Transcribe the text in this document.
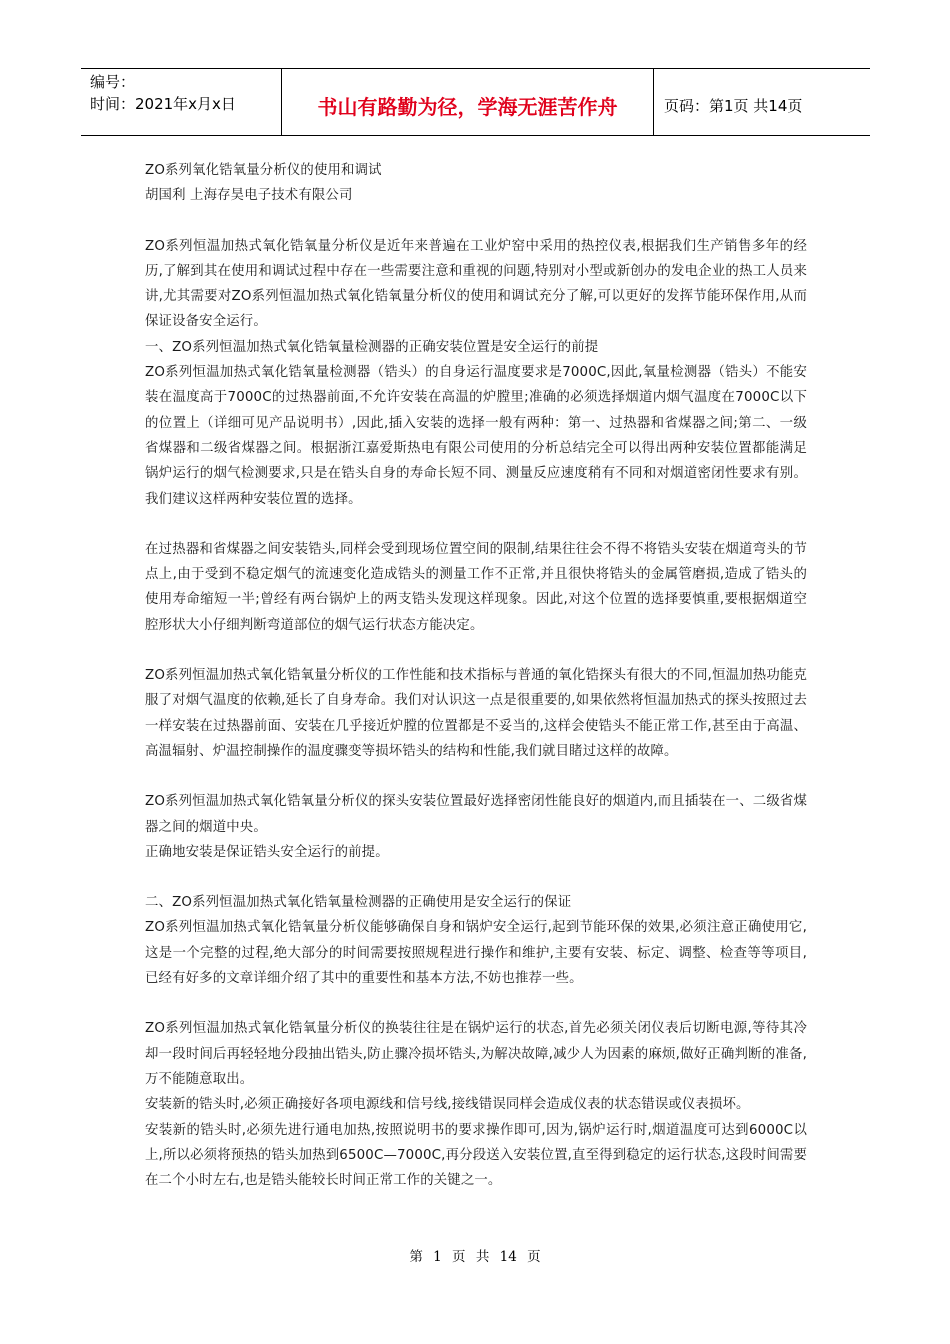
编号：
时间：2021年x月x日	书山有路勤为径，学海无涯苦作舟	页码：第1页 共14页

ZO系列氧化锆氧量分析仪的使用和调试

胡国利 上海存昊电子技术有限公司

ZO系列恒温加热式氧化锆氧量分析仪是近年来普遍在工业炉窑中采用的热控仪表,根据我们生产销售多年的经历,了解到其在使用和调试过程中存在一些需要注意和重视的问题,特别对小型或新创办的发电企业的热工人员来讲,尤其需要对ZO系列恒温加热式氧化锆氧量分析仪的使用和调试充分了解,可以更好的发挥节能环保作用,从而保证设备安全运行。

一、ZO系列恒温加热式氧化锆氧量检测器的正确安装位置是安全运行的前提

ZO系列恒温加热式氧化锆氧量检测器（锆头）的自身运行温度要求是7000C,因此,氧量检测器（锆头）不能安装在温度高于7000C的过热器前面,不允许安装在高温的炉膛里;准确的必须选择烟道内烟气温度在7000C以下的位置上（详细可见产品说明书）,因此,插入安装的选择一般有两种：第一、过热器和省煤器之间;第二、一级省煤器和二级省煤器之间。根据浙江嘉爱斯热电有限公司使用的分析总结完全可以得出两种安装位置都能满足锅炉运行的烟气检测要求,只是在锆头自身的寿命长短不同、测量反应速度稍有不同和对烟道密闭性要求有别。我们建议这样两种安装位置的选择。

在过热器和省煤器之间安装锆头,同样会受到现场位置空间的限制,结果往往会不得不将锆头安装在烟道弯头的节点上,由于受到不稳定烟气的流速变化造成锆头的测量工作不正常,并且很快将锆头的金属管磨损,造成了锆头的使用寿命缩短一半;曾经有两台锅炉上的两支锆头发现这样现象。因此,对这个位置的选择要慎重,要根据烟道空腔形状大小仔细判断弯道部位的烟气运行状态方能决定。

ZO系列恒温加热式氧化锆氧量分析仪的工作性能和技术指标与普通的氧化锆探头有很大的不同,恒温加热功能克服了对烟气温度的依赖,延长了自身寿命。我们对认识这一点是很重要的,如果依然将恒温加热式的探头按照过去一样安装在过热器前面、安装在几乎接近炉膛的位置都是不妥当的,这样会使锆头不能正常工作,甚至由于高温、高温辐射、炉温控制操作的温度骤变等损坏锆头的结构和性能,我们就目睹过这样的故障。

ZO系列恒温加热式氧化锆氧量分析仪的探头安装位置最好选择密闭性能良好的烟道内,而且插装在一、二级省煤器之间的烟道中央。

正确地安装是保证锆头安全运行的前提。

二、ZO系列恒温加热式氧化锆氧量检测器的正确使用是安全运行的保证

ZO系列恒温加热式氧化锆氧量分析仪能够确保自身和锅炉安全运行,起到节能环保的效果,必须注意正确使用它,这是一个完整的过程,绝大部分的时间需要按照规程进行操作和维护,主要有安装、标定、调整、检查等等项目,已经有好多的文章详细介绍了其中的重要性和基本方法,不妨也推荐一些。

ZO系列恒温加热式氧化锆氧量分析仪的换装往往是在锅炉运行的状态,首先必须关闭仪表后切断电源,等待其冷却一段时间后再轻轻地分段抽出锆头,防止骤冷损坏锆头,为解决故障,减少人为因素的麻烦,做好正确判断的准备,万不能随意取出。

安装新的锆头时,必须正确接好各项电源线和信号线,接线错误同样会造成仪表的状态错误或仪表损坏。

安装新的锆头时,必须先进行通电加热,按照说明书的要求操作即可,因为,锅炉运行时,烟道温度可达到6000C以上,所以必须将预热的锆头加热到6500C—7000C,再分段送入安装位置,直至得到稳定的运行状态,这段时间需要在二个小时左右,也是锆头能较长时间正常工作的关键之一。

第 1 页 共 14 页
